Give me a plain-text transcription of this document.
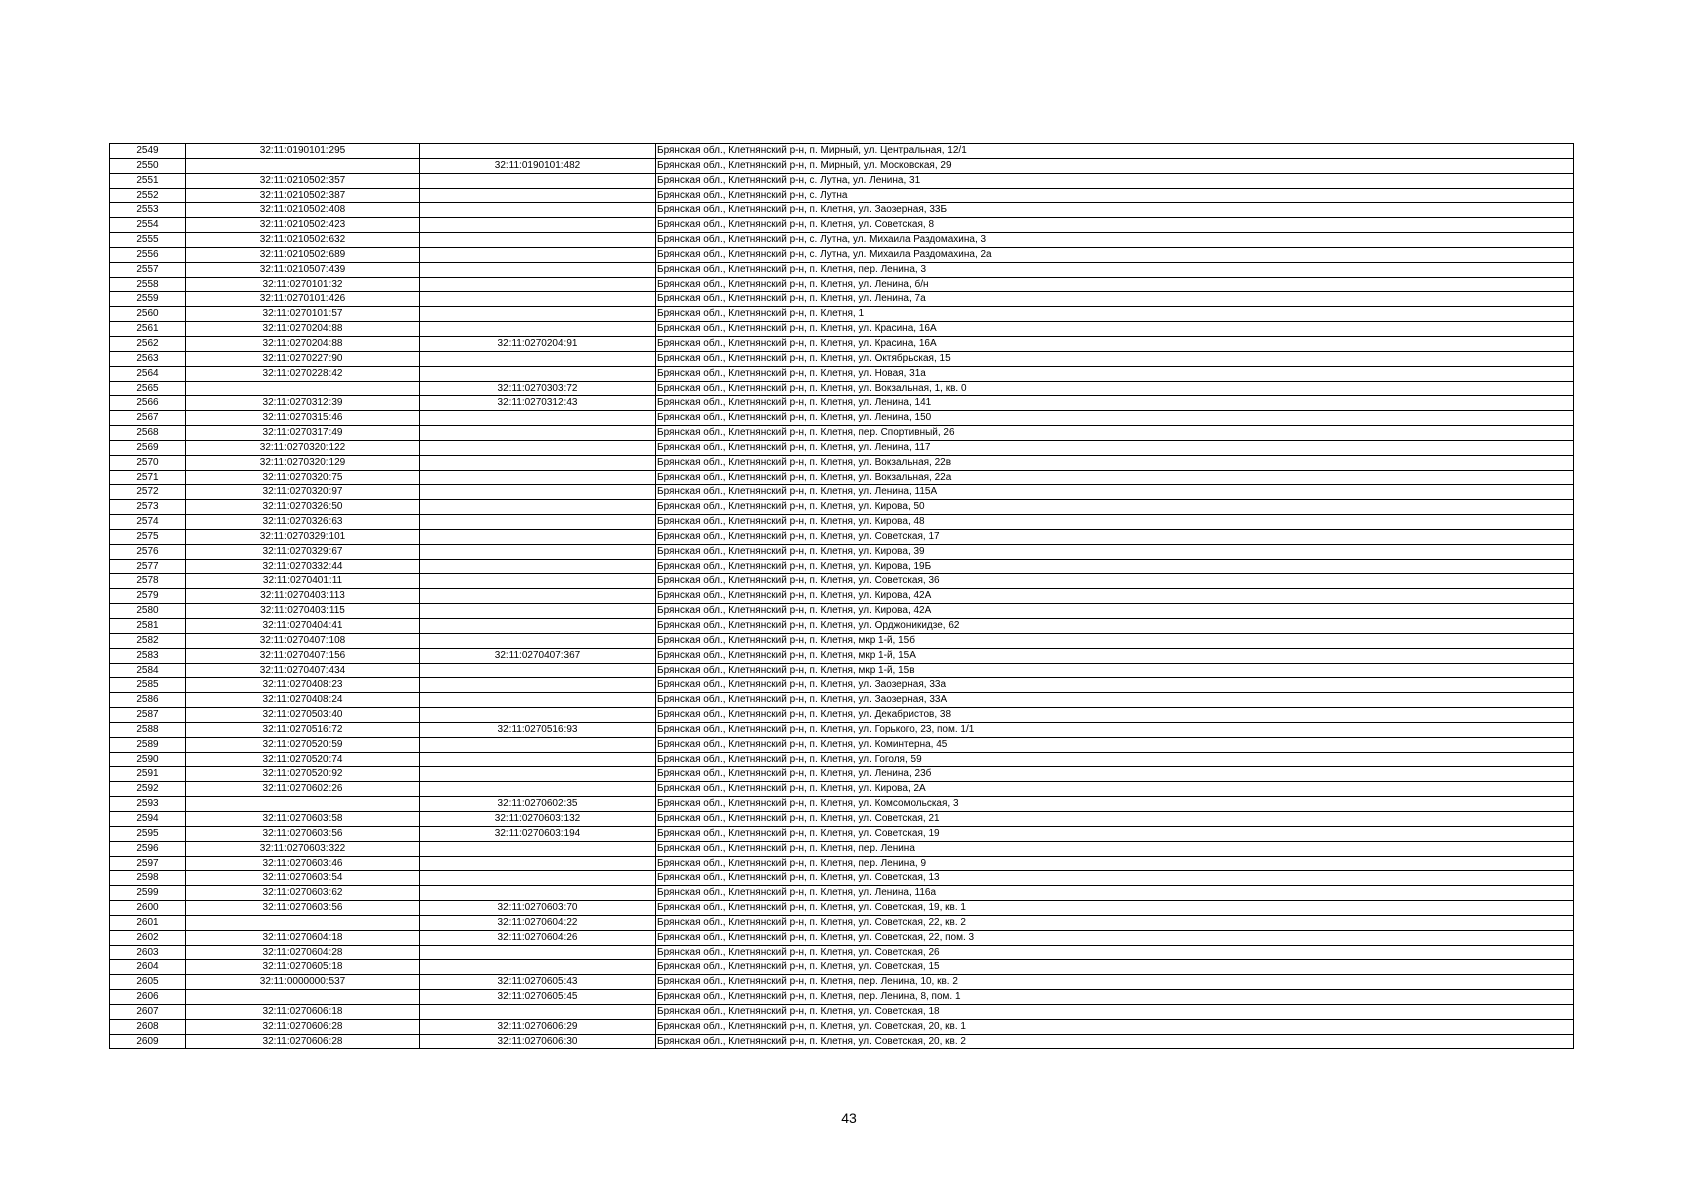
2549	32:11:0190101:295		Брянская обл., Клетнянский р-н, п. Мирный, ул. Центральная, 12/1
2550		32:11:0190101:482	Брянская обл., Клетнянский р-н, п. Мирный, ул. Московская, 29
2551	32:11:0210502:357		Брянская обл., Клетнянский р-н, с. Лутна, ул. Ленина, 31
2552	32:11:0210502:387		Брянская обл., Клетнянский р-н, с. Лутна
2553	32:11:0210502:408		Брянская обл., Клетнянский р-н, п. Клетня, ул. Заозерная, 33Б
2554	32:11:0210502:423		Брянская обл., Клетнянский р-н, п. Клетня, ул. Советская, 8
2555	32:11:0210502:632		Брянская обл., Клетнянский р-н, с. Лутна, ул. Михаила Раздомахина, 3
2556	32:11:0210502:689		Брянская обл., Клетнянский р-н, с. Лутна, ул. Михаила Раздомахина, 2а
2557	32:11:0210507:439		Брянская обл., Клетнянский р-н, п. Клетня, пер. Ленина, 3
2558	32:11:0270101:32		Брянская обл., Клетнянский р-н, п. Клетня, ул. Ленина, б/н
2559	32:11:0270101:426		Брянская обл., Клетнянский р-н, п. Клетня, ул. Ленина, 7а
2560	32:11:0270101:57		Брянская обл., Клетнянский р-н, п. Клетня, 1
2561	32:11:0270204:88		Брянская обл., Клетнянский р-н, п. Клетня, ул. Красина, 16А
2562	32:11:0270204:88	32:11:0270204:91	Брянская обл., Клетнянский р-н, п. Клетня, ул. Красина, 16А
2563	32:11:0270227:90		Брянская обл., Клетнянский р-н, п. Клетня, ул. Октябрьская, 15
2564	32:11:0270228:42		Брянская обл., Клетнянский р-н, п. Клетня, ул. Новая, 31а
2565		32:11:0270303:72	Брянская обл., Клетнянский р-н, п. Клетня, ул. Вокзальная, 1, кв. 0
2566	32:11:0270312:39	32:11:0270312:43	Брянская обл., Клетнянский р-н, п. Клетня, ул. Ленина, 141
2567	32:11:0270315:46		Брянская обл., Клетнянский р-н, п. Клетня, ул. Ленина, 150
2568	32:11:0270317:49		Брянская обл., Клетнянский р-н, п. Клетня, пер. Спортивный, 26
2569	32:11:0270320:122		Брянская обл., Клетнянский р-н, п. Клетня, ул. Ленина, 117
2570	32:11:0270320:129		Брянская обл., Клетнянский р-н, п. Клетня, ул. Вокзальная, 22в
2571	32:11:0270320:75		Брянская обл., Клетнянский р-н, п. Клетня, ул. Вокзальная, 22а
2572	32:11:0270320:97		Брянская обл., Клетнянский р-н, п. Клетня, ул. Ленина, 115А
2573	32:11:0270326:50		Брянская обл., Клетнянский р-н, п. Клетня, ул. Кирова, 50
2574	32:11:0270326:63		Брянская обл., Клетнянский р-н, п. Клетня, ул. Кирова, 48
2575	32:11:0270329:101		Брянская обл., Клетнянский р-н, п. Клетня, ул. Советская, 17
2576	32:11:0270329:67		Брянская обл., Клетнянский р-н, п. Клетня, ул. Кирова, 39
2577	32:11:0270332:44		Брянская обл., Клетнянский р-н, п. Клетня, ул. Кирова, 19Б
2578	32:11:0270401:11		Брянская обл., Клетнянский р-н, п. Клетня, ул. Советская, 36
2579	32:11:0270403:113		Брянская обл., Клетнянский р-н, п. Клетня, ул. Кирова, 42А
2580	32:11:0270403:115		Брянская обл., Клетнянский р-н, п. Клетня, ул. Кирова, 42А
2581	32:11:0270404:41		Брянская обл., Клетнянский р-н, п. Клетня, ул. Орджоникидзе, 62
2582	32:11:0270407:108		Брянская обл., Клетнянский р-н, п. Клетня, мкр 1-й, 15б
2583	32:11:0270407:156	32:11:0270407:367	Брянская обл., Клетнянский р-н, п. Клетня, мкр 1-й, 15А
2584	32:11:0270407:434		Брянская обл., Клетнянский р-н, п. Клетня, мкр 1-й, 15в
2585	32:11:0270408:23		Брянская обл., Клетнянский р-н, п. Клетня, ул. Заозерная, 33а
2586	32:11:0270408:24		Брянская обл., Клетнянский р-н, п. Клетня, ул. Заозерная, 33А
2587	32:11:0270503:40		Брянская обл., Клетнянский р-н, п. Клетня, ул. Декабристов, 38
2588	32:11:0270516:72	32:11:0270516:93	Брянская обл., Клетнянский р-н, п. Клетня, ул. Горького, 23, пом. 1/1
2589	32:11:0270520:59		Брянская обл., Клетнянский р-н, п. Клетня, ул. Коминтерна, 45
2590	32:11:0270520:74		Брянская обл., Клетнянский р-н, п. Клетня, ул. Гоголя, 59
2591	32:11:0270520:92		Брянская обл., Клетнянский р-н, п. Клетня, ул. Ленина, 23б
2592	32:11:0270602:26		Брянская обл., Клетнянский р-н, п. Клетня, ул. Кирова, 2А
2593		32:11:0270602:35	Брянская обл., Клетнянский р-н, п. Клетня, ул. Комсомольская, 3
2594	32:11:0270603:58	32:11:0270603:132	Брянская обл., Клетнянский р-н, п. Клетня, ул. Советская, 21
2595	32:11:0270603:56	32:11:0270603:194	Брянская обл., Клетнянский р-н, п. Клетня, ул. Советская, 19
2596	32:11:0270603:322		Брянская обл., Клетнянский р-н, п. Клетня, пер. Ленина
2597	32:11:0270603:46		Брянская обл., Клетнянский р-н, п. Клетня, пер. Ленина, 9
2598	32:11:0270603:54		Брянская обл., Клетнянский р-н, п. Клетня, ул. Советская, 13
2599	32:11:0270603:62		Брянская обл., Клетнянский р-н, п. Клетня, ул. Ленина, 116а
2600	32:11:0270603:56	32:11:0270603:70	Брянская обл., Клетнянский р-н, п. Клетня, ул. Советская, 19, кв. 1
2601		32:11:0270604:22	Брянская обл., Клетнянский р-н, п. Клетня, ул. Советская, 22, кв. 2
2602	32:11:0270604:18	32:11:0270604:26	Брянская обл., Клетнянский р-н, п. Клетня, ул. Советская, 22, пом. 3
2603	32:11:0270604:28		Брянская обл., Клетнянский р-н, п. Клетня, ул. Советская, 26
2604	32:11:0270605:18		Брянская обл., Клетнянский р-н, п. Клетня, ул. Советская, 15
2605	32:11:0000000:537	32:11:0270605:43	Брянская обл., Клетнянский р-н, п. Клетня, пер. Ленина, 10, кв. 2
2606		32:11:0270605:45	Брянская обл., Клетнянский р-н, п. Клетня, пер. Ленина, 8, пом. 1
2607	32:11:0270606:18		Брянская обл., Клетнянский р-н, п. Клетня, ул. Советская, 18
2608	32:11:0270606:28	32:11:0270606:29	Брянская обл., Клетнянский р-н, п. Клетня, ул. Советская, 20, кв. 1
2609	32:11:0270606:28	32:11:0270606:30	Брянская обл., Клетнянский р-н, п. Клетня, ул. Советская, 20, кв. 2
43
